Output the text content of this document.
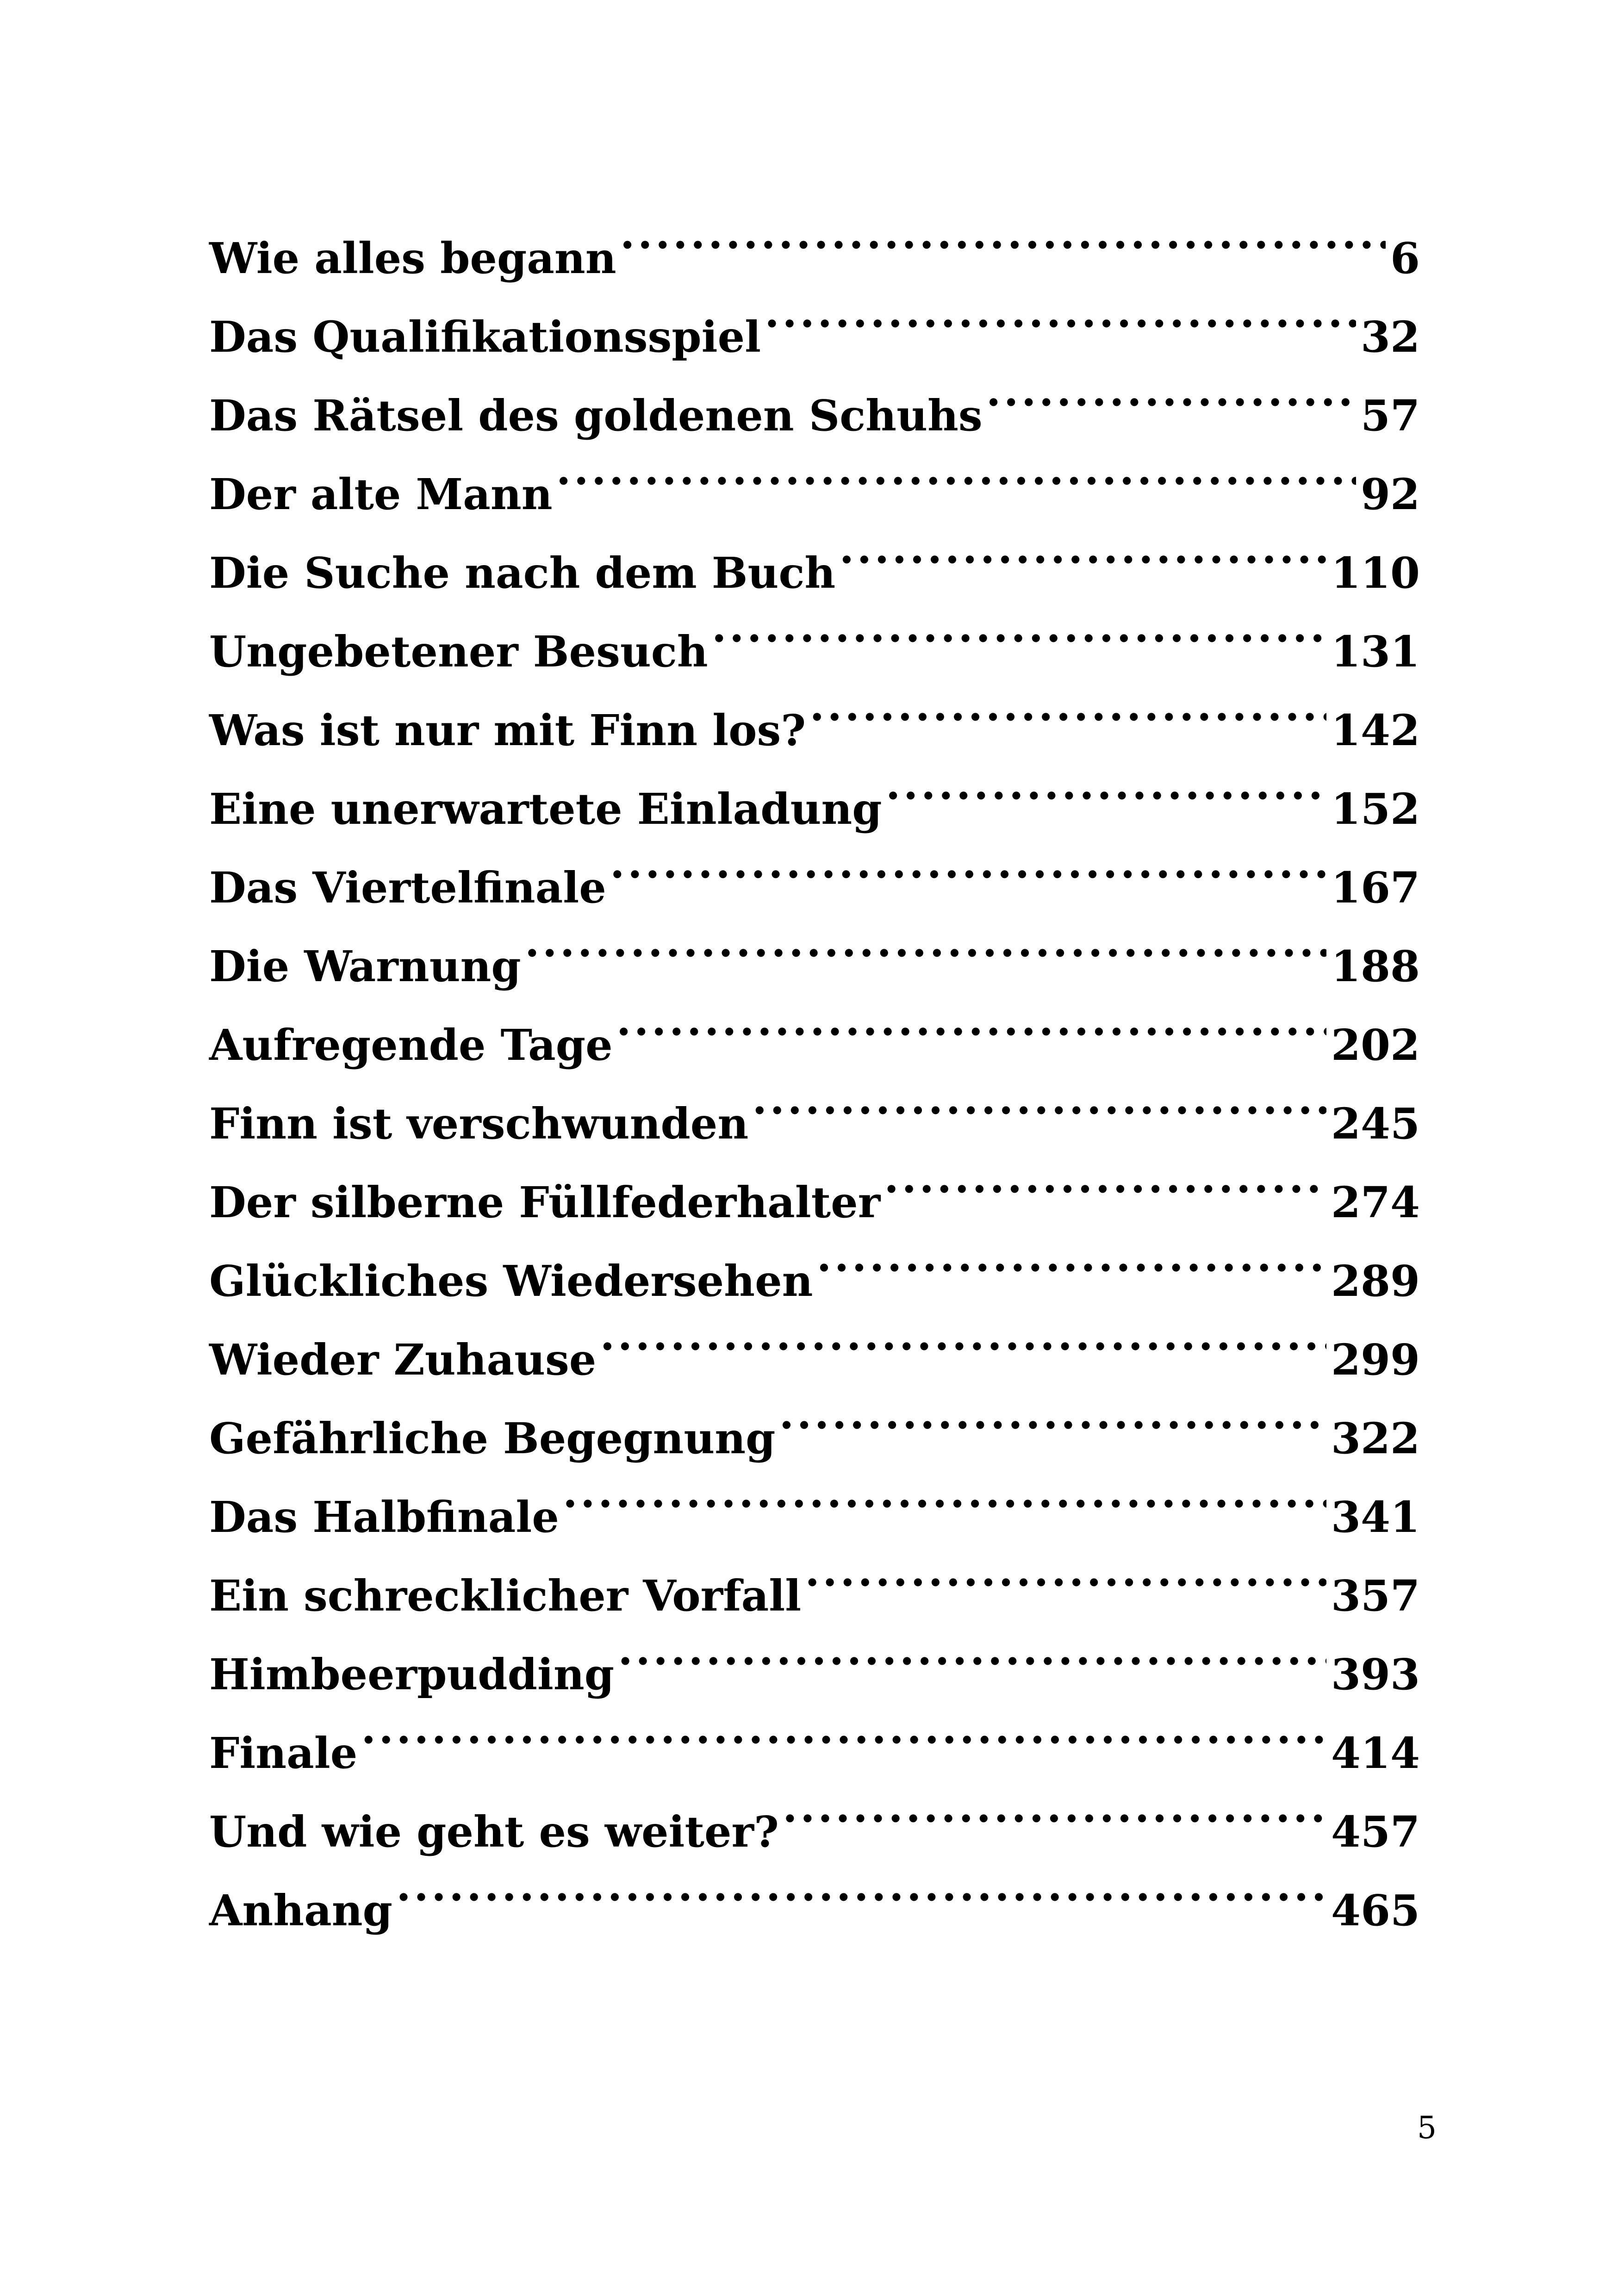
Wie alles begann .....	6
Das Qualifikationsspiel .....	32
Das Rätsel des goldenen Schuhs .....	57
Der alte Mann .....	92
Die Suche nach dem Buch .....	110
Ungebetener Besuch .....	131
Was ist nur mit Finn los? .....	142
Eine unerwartete Einladung .....	152
Das Viertelfinale .....	167
Die Warnung .....	188
Aufregende Tage .....	202
Finn ist verschwunden .....	245
Der silberne Füllfederhalter .....	274
Glückliches Wiedersehen .....	289
Wieder Zuhause .....	299
Gefährliche Begegnung .....	322
Das Halbfinale .....	341
Ein schrecklicher Vorfall .....	357
Himbeerpudding .....	393
Finale .....	414
Und wie geht es weiter? .....	457
Anhang .....	465
5
